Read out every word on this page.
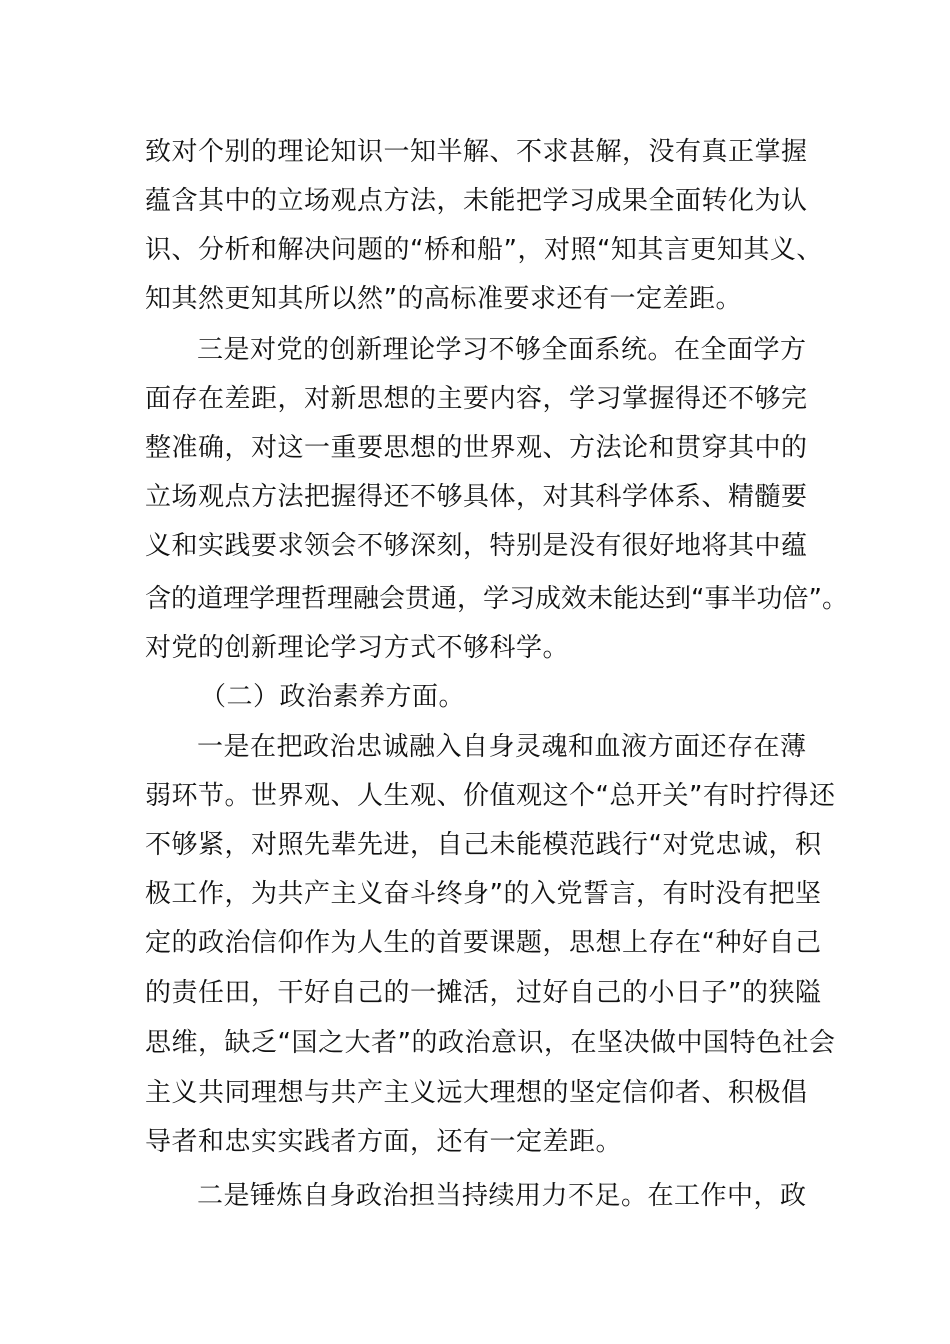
致对个别的理论知识一知半解、不求甚解，没有真正掌握
蕴含其中的立场观点方法，未能把学习成果全面转化为认
识、分析和解决问题的“桥和船”，对照“知其言更知其义、
知其然更知其所以然”的高标准要求还有一定差距。
三是对党的创新理论学习不够全面系统。在全面学方
面存在差距，对新思想的主要内容，学习掌握得还不够完
整准确，对这一重要思想的世界观、方法论和贯穿其中的
立场观点方法把握得还不够具体，对其科学体系、精髓要
义和实践要求领会不够深刻，特别是没有很好地将其中蕴
含的道理学理哲理融会贯通，学习成效未能达到“事半功倍”。
对党的创新理论学习方式不够科学。
（二）政治素养方面。
一是在把政治忠诚融入自身灵魂和血液方面还存在薄
弱环节。世界观、人生观、价值观这个“总开关”有时拧得还
不够紧，对照先辈先进，自己未能模范践行“对党忠诚，积
极工作，为共产主义奋斗终身”的入党誓言，有时没有把坚
定的政治信仰作为人生的首要课题，思想上存在“种好自己
的责任田，干好自己的一摊活，过好自己的小日子”的狭隘
思维，缺乏“国之大者”的政治意识，在坚决做中国特色社会
主义共同理想与共产主义远大理想的坚定信仰者、积极倡
导者和忠实实践者方面，还有一定差距。
二是锤炼自身政治担当持续用力不足。在工作中，政
